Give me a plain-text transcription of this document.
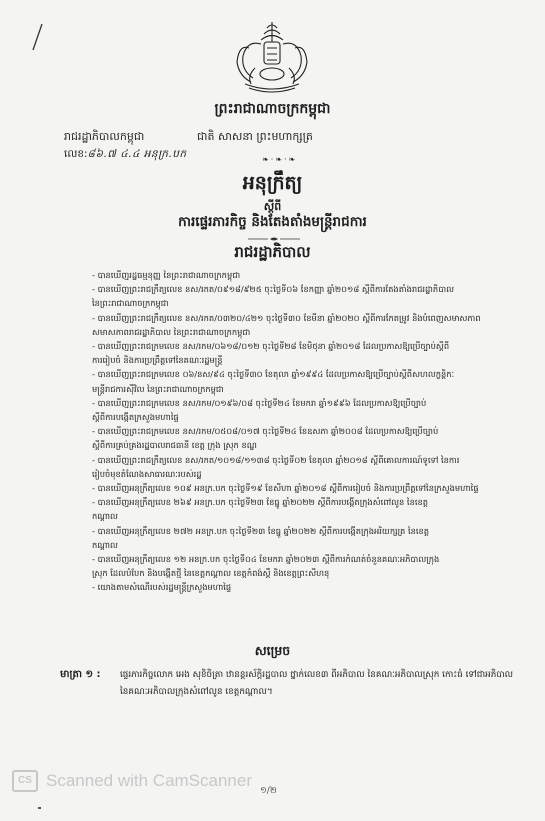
ព្រះរាជាណាចក្រកម្ពុជា
រាជរដ្ឋាភិបាលកម្ពុជា	ជាតិ សាសនា ព្រះមហាក្សត្រ
លេខ:៨៦.៧ ៤.៤ អនុក្រ.បក	❧·❧·❧
អនុក្រឹត្យ
ស្ដីពី
ការផ្ទេរភារកិច្ច និងតែងតាំងមន្ត្រីរាជការ
រាជរដ្ឋាភិបាល
- បានឃើញរដ្ឋធម្មនុញ្ញ នៃព្រះរាជាណាចក្រកម្ពុជា
- បានឃើញព្រះរាជក្រឹត្យលេខ នស/រកត/០៩១៨/៩២៥ ចុះថ្ងៃទី០៦ ខែកញ្ញា ឆ្នាំ២០១៨ ស្ដីពីការតែងតាំងរាជរដ្ឋាភិបាល
នៃព្រះរាជាណាចក្រកម្ពុជា
- បានឃើញព្រះរាជក្រឹត្យលេខ នស/រកត/០៣២០/៤២១ ចុះថ្ងៃទី៣០ ខែមីនា ឆ្នាំ២០២០ ស្ដីពីការកែតម្រូវ និងបំពេញសមាសភាព
សមាសភាពរាជរដ្ឋាភិបាល នៃព្រះរាជាណាចក្រកម្ពុជា
- បានឃើញព្រះរាជក្រមលេខ នស/រកម/០៦១៨/០១២ ចុះថ្ងៃទី២៨ ខែមិថុនា ឆ្នាំ២០១៨ ដែលប្រកាសឱ្យប្រើច្បាប់ស្ដីពី
ការរៀបចំ និងការប្រព្រឹត្តទៅនៃគណៈរដ្ឋមន្ត្រី
- បានឃើញព្រះរាជក្រមលេខ ០៦/នស/៩៤ ចុះថ្ងៃទី៣០ ខែតុលា ឆ្នាំ១៩៩៤ ដែលប្រកាសឱ្យប្រើច្បាប់ស្ដីពីសហលក្ខន្តិកៈ
មន្ត្រីរាជការស៊ីវិល នៃព្រះរាជាណាចក្រកម្ពុជា
- បានឃើញព្រះរាជក្រមលេខ នស/រកម/០១៩៦/០៨ ចុះថ្ងៃទី២៤ ខែមករា ឆ្នាំ១៩៩៦ ដែលប្រកាសឱ្យប្រើច្បាប់
ស្ដីពីការបង្កើតក្រសួងមហាផ្ទៃ
- បានឃើញព្រះរាជក្រមលេខ នស/រកម/០៥០៨/០១៧ ចុះថ្ងៃទី២៤ ខែឧសភា ឆ្នាំ២០០៨ ដែលប្រកាសឱ្យប្រើច្បាប់
ស្ដីពីការគ្រប់គ្រងរដ្ឋបាលរាជធានី ខេត្ត ក្រុង ស្រុក ខណ្ឌ
- បានឃើញព្រះរាជក្រឹត្យលេខ នស/រកត/១០១៨/១១៣៨ ចុះថ្ងៃទី០២ ខែតុលា ឆ្នាំ២០១៨ ស្ដីពីគោលការណ៍ទូទៅ នៃការ
រៀបចំមុខតំណែងសាធារណៈរបស់រដ្ឋ
- បានឃើញអនុក្រឹត្យលេខ ១០៩ អនក្រ.បក ចុះថ្ងៃទី១៩ ខែសីហា ឆ្នាំ២០១៨ ស្ដីពីការរៀបចំ និងការប្រព្រឹត្តទៅនៃក្រសួងមហាផ្ទៃ
- បានឃើញអនុក្រឹត្យលេខ ២៦៩ អនក្រ.បក ចុះថ្ងៃទី២៣ ខែធ្នូ ឆ្នាំ២០២២ ស្ដីពីការបង្កើតក្រុងសំពៅលូន នៃខេត្ត
កណ្ដាល
- បានឃើញអនុក្រឹត្យលេខ ២៧២ អនក្រ.បក ចុះថ្ងៃទី២៣ ខែធ្នូ ឆ្នាំ២០២២ ស្ដីពីការបង្កើតក្រុងអរិយក្សត្រ នៃខេត្ត
កណ្ដាល
- បានឃើញអនុក្រឹត្យលេខ ១២ អនក្រ.បក ចុះថ្ងៃទី០៤ ខែមករា ឆ្នាំ២០២៣ ស្ដីពីការកំណត់ចំនួនគណៈអភិបាលក្រុង
ស្រុក ដែលបំបែក និងបង្កើតថ្មី នៃខេត្តកណ្ដាល ខេត្តកំពង់ស្ពឺ និងខេត្តព្រះសីហនុ
- យោងតាមសំណើរបស់រដ្ឋមន្ត្រីក្រសួងមហាផ្ទៃ
សម្រេច
មាត្រា ១ : ផ្ទេរភារកិច្ចលោក អេង សុខិចិត្រា ឋានន្តរស័ក្តិរដ្ឋបាល ថ្នាក់លេខ៣ ពីអភិបាល នៃគណៈអភិបាលស្រុក កោះធំ ទៅជាអភិបាល នៃគណៈអភិបាលក្រុងសំពៅលូន ខេត្តកណ្ដាល។
CS Scanned with CamScanner
១/២
